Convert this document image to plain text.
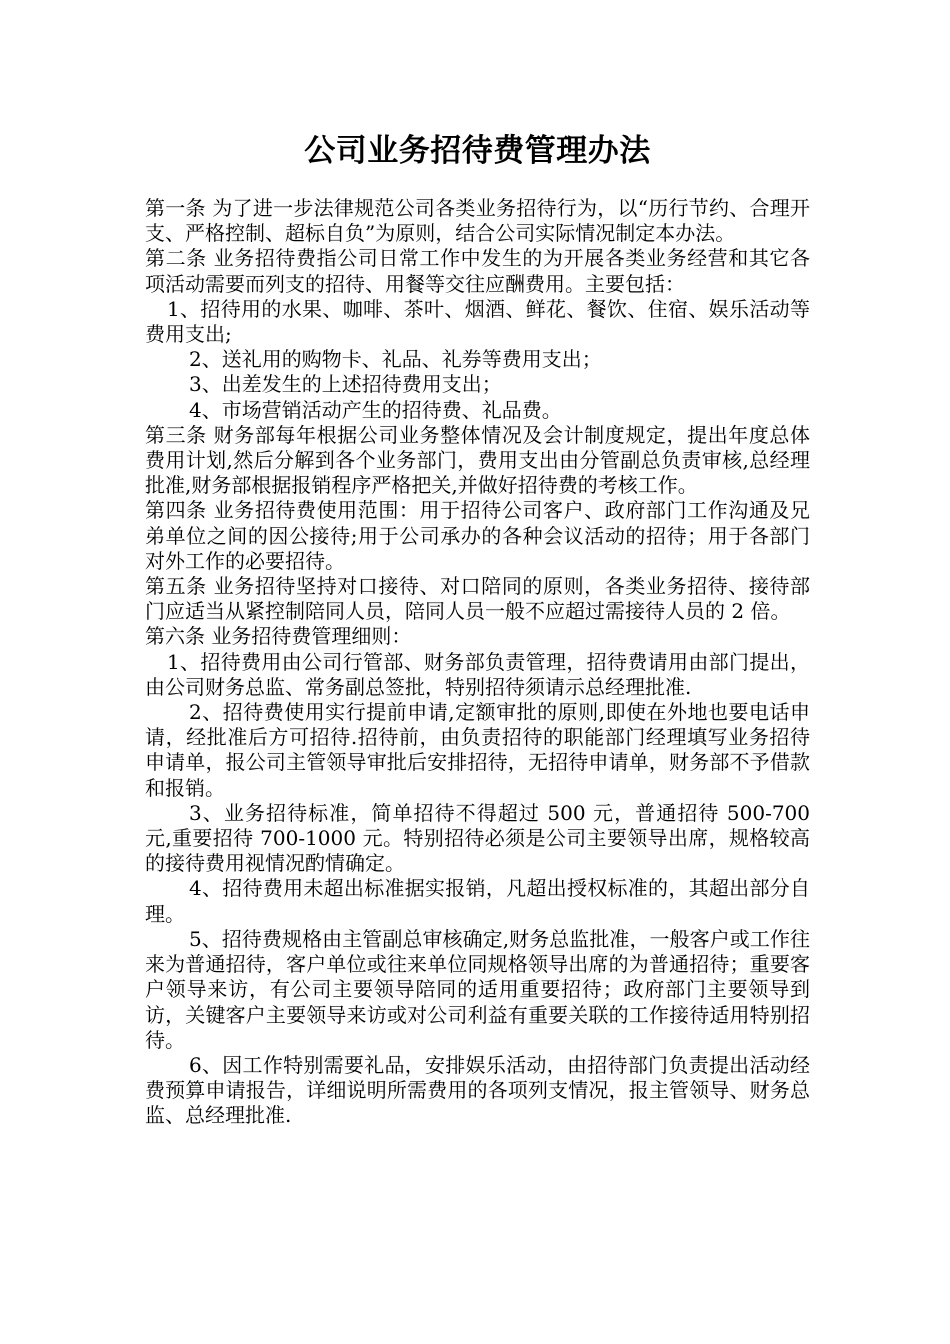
公司业务招待费管理办法

第一条 为了进一步法律规范公司各类业务招待行为，以“历行节约、合理开支、严格控制、超标自负”为原则，结合公司实际情况制定本办法。

第二条 业务招待费指公司日常工作中发生的为开展各类业务经营和其它各项活动需要而列支的招待、用餐等交往应酬费用。主要包括：

1、招待用的水果、咖啡、茶叶、烟酒、鲜花、餐饮、住宿、娱乐活动等费用支出;

2、送礼用的购物卡、礼品、礼券等费用支出；

3、出差发生的上述招待费用支出；

4、市场营销活动产生的招待费、礼品费。

第三条 财务部每年根据公司业务整体情况及会计制度规定，提出年度总体费用计划,然后分解到各个业务部门，费用支出由分管副总负责审核,总经理批准,财务部根据报销程序严格把关,并做好招待费的考核工作。

第四条 业务招待费使用范围：用于招待公司客户、政府部门工作沟通及兄弟单位之间的因公接待;用于公司承办的各种会议活动的招待；用于各部门对外工作的必要招待。

第五条 业务招待坚持对口接待、对口陪同的原则，各类业务招待、接待部门应适当从紧控制陪同人员，陪同人员一般不应超过需接待人员的 2 倍。

第六条 业务招待费管理细则：

1、招待费用由公司行管部、财务部负责管理，招待费请用由部门提出，由公司财务总监、常务副总签批，特别招待须请示总经理批准.

2、招待费使用实行提前申请,定额审批的原则,即使在外地也要电话申请，经批准后方可招待.招待前，由负责招待的职能部门经理填写业务招待申请单，报公司主管领导审批后安排招待，无招待申请单，财务部不予借款和报销。

3、业务招待标准，简单招待不得超过 500 元，普通招待 500-700 元,重要招待 700-1000 元。特别招待必须是公司主要领导出席，规格较高的接待费用视情况酌情确定。

4、招待费用未超出标准据实报销，凡超出授权标准的，其超出部分自理。

5、招待费规格由主管副总审核确定,财务总监批准，一般客户或工作往来为普通招待，客户单位或往来单位同规格领导出席的为普通招待；重要客户领导来访，有公司主要领导陪同的适用重要招待；政府部门主要领导到访，关键客户主要领导来访或对公司利益有重要关联的工作接待适用特别招待。

6、因工作特别需要礼品，安排娱乐活动，由招待部门负责提出活动经费预算申请报告，详细说明所需费用的各项列支情况，报主管领导、财务总监、总经理批准.
